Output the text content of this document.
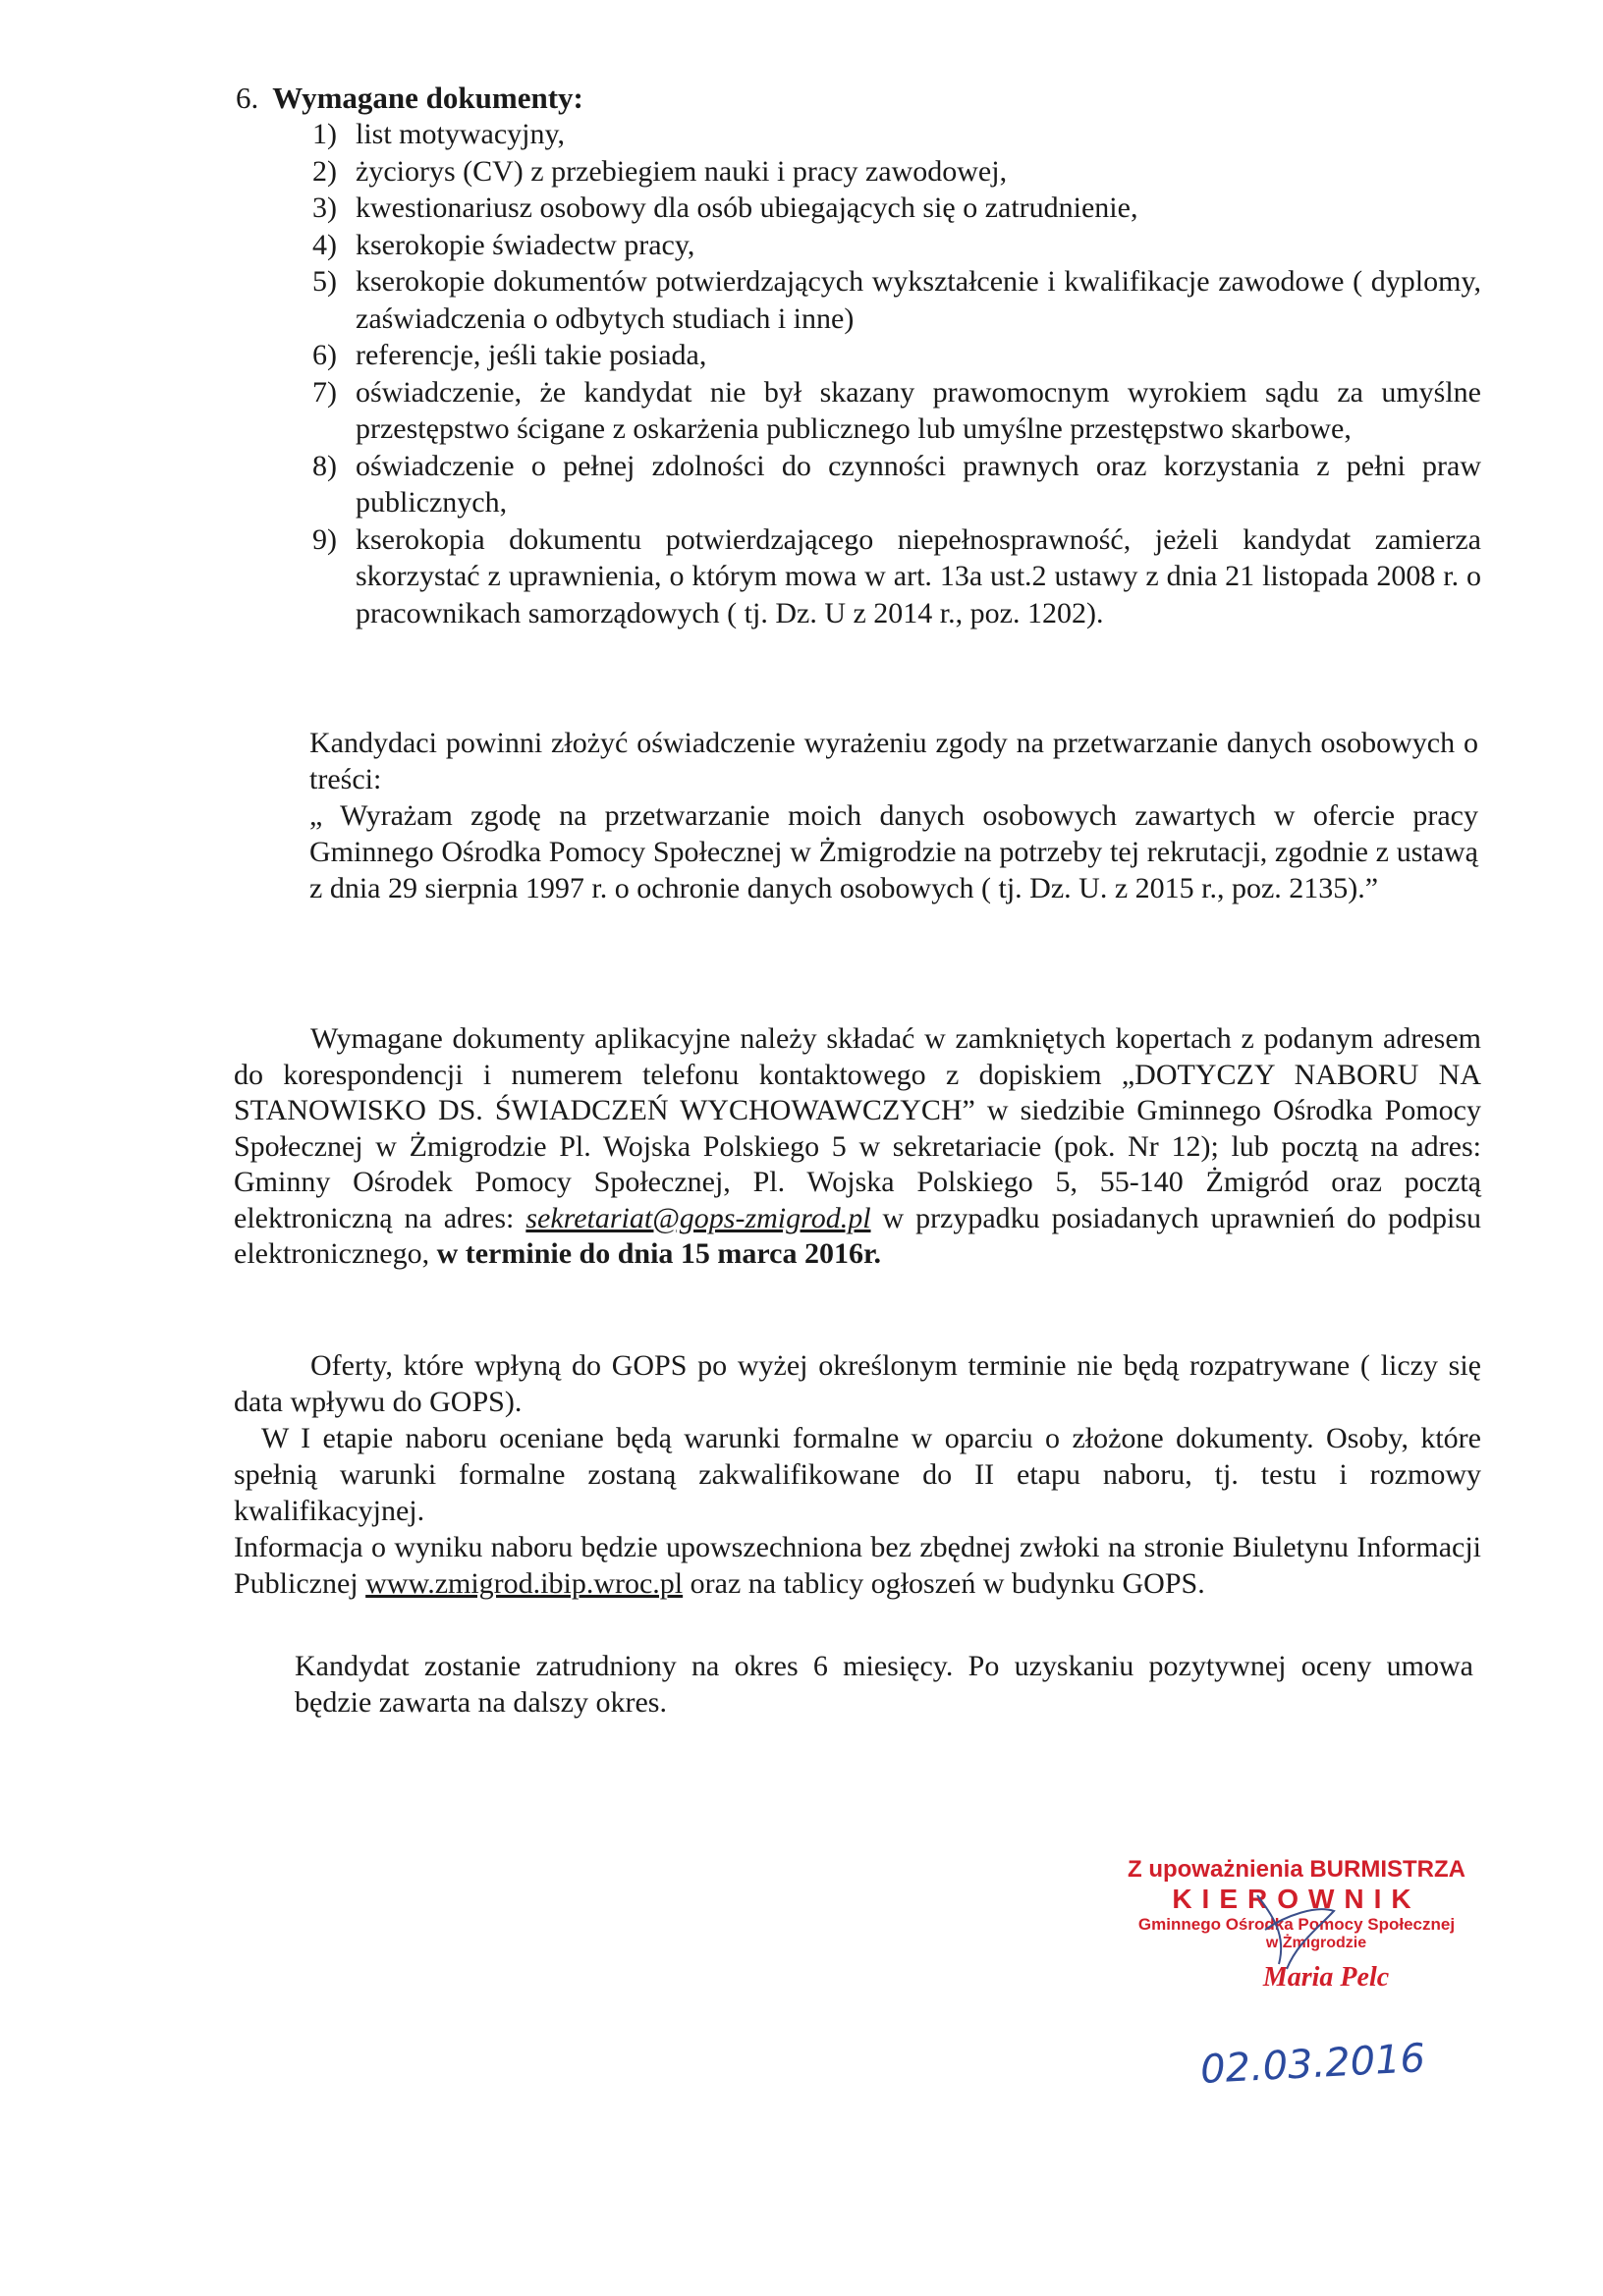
6. Wymagane dokumenty:
1) list motywacyjny,
2) życiorys (CV) z przebiegiem nauki i pracy zawodowej,
3) kwestionariusz osobowy dla osób ubiegających się o zatrudnienie,
4) kserokopie świadectw pracy,
5) kserokopie dokumentów potwierdzających wykształcenie i kwalifikacje zawodowe ( dyplomy, zaświadczenia o odbytych studiach i inne)
6) referencje, jeśli takie posiada,
7) oświadczenie, że kandydat nie był skazany prawomocnym wyrokiem sądu za umyślne przestępstwo ścigane z oskarżenia publicznego lub umyślne przestępstwo skarbowe,
8) oświadczenie o pełnej zdolności do czynności prawnych oraz korzystania z pełni praw publicznych,
9) kserokopia dokumentu potwierdzającego niepełnosprawność, jeżeli kandydat zamierza skorzystać z uprawnienia, o którym mowa w art. 13a ust.2 ustawy z dnia 21 listopada 2008 r. o pracownikach samorządowych ( tj. Dz. U z 2014 r., poz. 1202).
Kandydaci powinni złożyć oświadczenie wyrażeniu zgody na przetwarzanie danych osobowych o treści:
„ Wyrażam zgodę na przetwarzanie moich danych osobowych zawartych w ofercie pracy Gminnego Ośrodka Pomocy Społecznej w Żmigrodzie na potrzeby tej rekrutacji, zgodnie z ustawą z dnia 29 sierpnia 1997 r. o ochronie danych osobowych ( tj. Dz. U. z 2015 r., poz. 2135).”
Wymagane dokumenty aplikacyjne należy składać w zamkniętych kopertach z podanym adresem do korespondencji i numerem telefonu kontaktowego z dopiskiem „DOTYCZY NABORU NA STANOWISKO DS. ŚWIADCZEŃ WYCHOWAWCZYCH” w siedzibie Gminnego Ośrodka Pomocy Społecznej w Żmigrodzie Pl. Wojska Polskiego 5 w sekretariacie (pok. Nr 12); lub pocztą na adres: Gminny Ośrodek Pomocy Społecznej, Pl. Wojska Polskiego 5, 55-140 Żmigród oraz pocztą elektroniczną na adres: sekretariat@gops-zmigrod.pl w przypadku posiadanych uprawnień do podpisu elektronicznego, w terminie do dnia 15 marca 2016r.
Oferty, które wpłyną do GOPS po wyżej określonym terminie nie będą rozpatrywane ( liczy się data wpływu do GOPS).
W I etapie naboru oceniane będą warunki formalne w oparciu o złożone dokumenty. Osoby, które spełnią warunki formalne zostaną zakwalifikowane do II etapu naboru, tj. testu i rozmowy kwalifikacyjnej.
Informacja o wyniku naboru będzie upowszechniona bez zbędnej zwłoki na stronie Biuletynu Informacji Publicznej www.zmigrod.ibip.wroc.pl oraz na tablicy ogłoszeń w budynku GOPS.
Kandydat zostanie zatrudniony na okres 6 miesięcy. Po uzyskaniu pozytywnej oceny umowa będzie zawarta na dalszy okres.
Z upoważnienia BURMISTRZA
KIEROWNIK
Gminnego Ośrodka Pomocy Społecznej
w Żmigrodzie
Maria Pelc
02.03.2016
